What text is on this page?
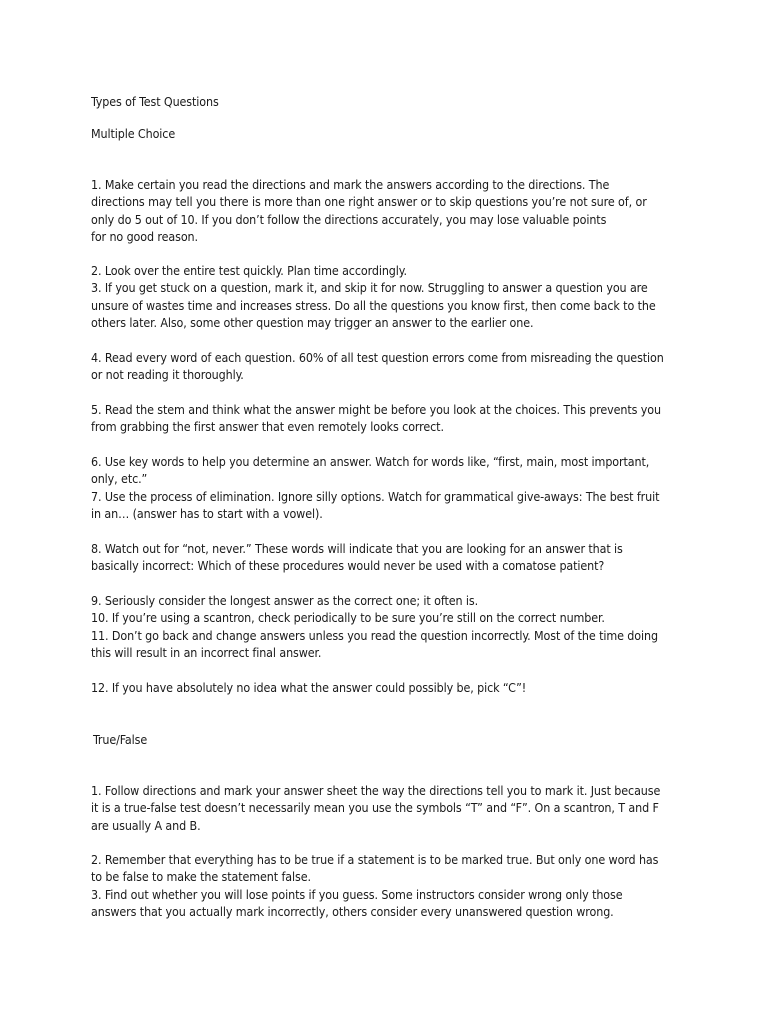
Types of Test Questions
Multiple Choice
1. Make certain you read the directions and mark the answers according to the directions. The
directions may tell you there is more than one right answer or to skip questions you’re not sure of, or
only do 5 out of 10. If you don’t follow the directions accurately, you may lose valuable points
for no good reason.
2. Look over the entire test quickly. Plan time accordingly.
3. If you get stuck on a question, mark it, and skip it for now. Struggling to answer a question you are
unsure of wastes time and increases stress. Do all the questions you know first, then come back to the
others later. Also, some other question may trigger an answer to the earlier one.
4. Read every word of each question. 60% of all test question errors come from misreading the question
or not reading it thoroughly.
5. Read the stem and think what the answer might be before you look at the choices. This prevents you
from grabbing the first answer that even remotely looks correct.
6. Use key words to help you determine an answer. Watch for words like, “first, main, most important,
only, etc.”
7. Use the process of elimination. Ignore silly options. Watch for grammatical give-aways: The best fruit
in an… (answer has to start with a vowel).
8. Watch out for “not, never.” These words will indicate that you are looking for an answer that is
basically incorrect: Which of these procedures would never be used with a comatose patient?
9. Seriously consider the longest answer as the correct one; it often is.
10. If you’re using a scantron, check periodically to be sure you’re still on the correct number.
11. Don’t go back and change answers unless you read the question incorrectly. Most of the time doing
this will result in an incorrect final answer.
12. If you have absolutely no idea what the answer could possibly be, pick “C”!
True/False
1. Follow directions and mark your answer sheet the way the directions tell you to mark it. Just because
it is a true-false test doesn’t necessarily mean you use the symbols “T” and “F”. On a scantron, T and F
are usually A and B.
2. Remember that everything has to be true if a statement is to be marked true. But only one word has
to be false to make the statement false.
3. Find out whether you will lose points if you guess. Some instructors consider wrong only those
answers that you actually mark incorrectly, others consider every unanswered question wrong.
